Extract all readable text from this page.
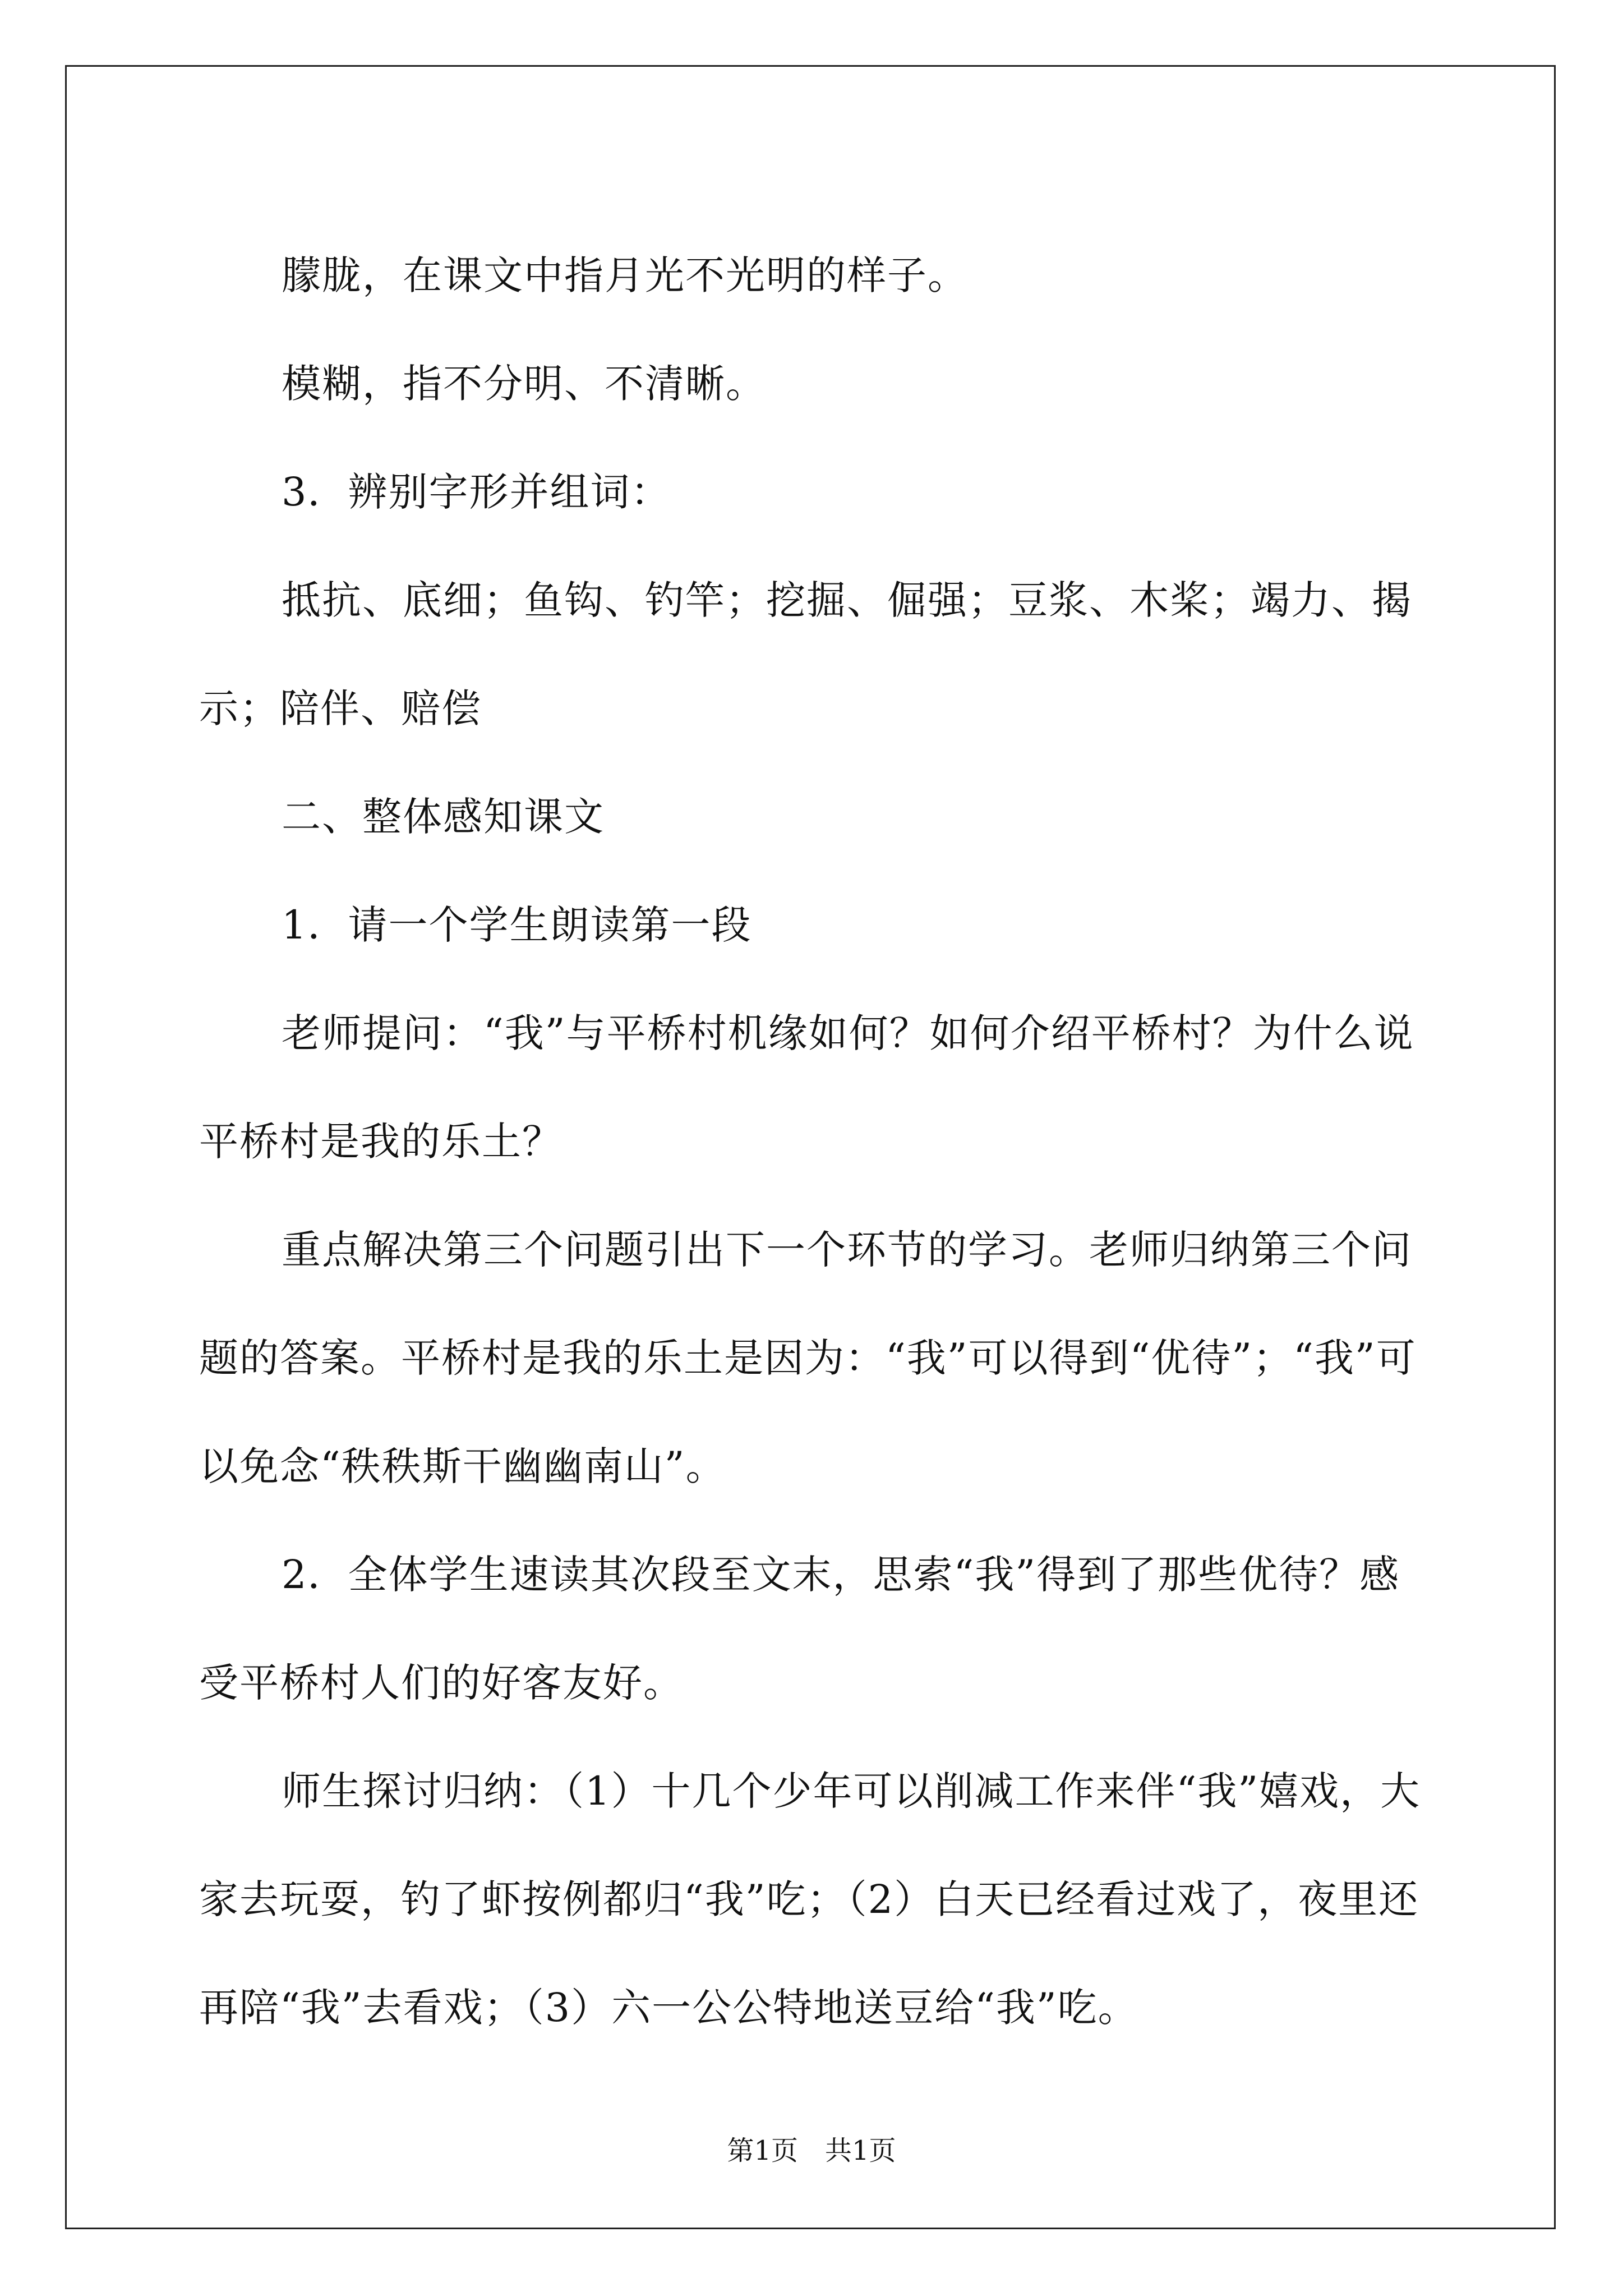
朦胧，在课文中指月光不光明的样子。

模糊，指不分明、不清晰。

3．辨别字形并组词：

抵抗、底细；鱼钩、钓竿；挖掘、倔强；豆浆、木桨；竭力、揭示；陪伴、赔偿

二、整体感知课文

1．请一个学生朗读第一段

老师提问：“我”与平桥村机缘如何？如何介绍平桥村？为什么说平桥村是我的乐土？

重点解决第三个问题引出下一个环节的学习。老师归纳第三个问题的答案。平桥村是我的乐土是因为：“我”可以得到“优待”；“我”可以免念“秩秩斯干幽幽南山”。

2．全体学生速读其次段至文末，思索“我”得到了那些优待？感受平桥村人们的好客友好。

师生探讨归纳：（1）十几个少年可以削减工作来伴“我”嬉戏，大家去玩耍，钓了虾按例都归“我”吃；（2）白天已经看过戏了，夜里还再陪“我”去看戏；（3）六一公公特地送豆给“我”吃。

第1页　共1页
